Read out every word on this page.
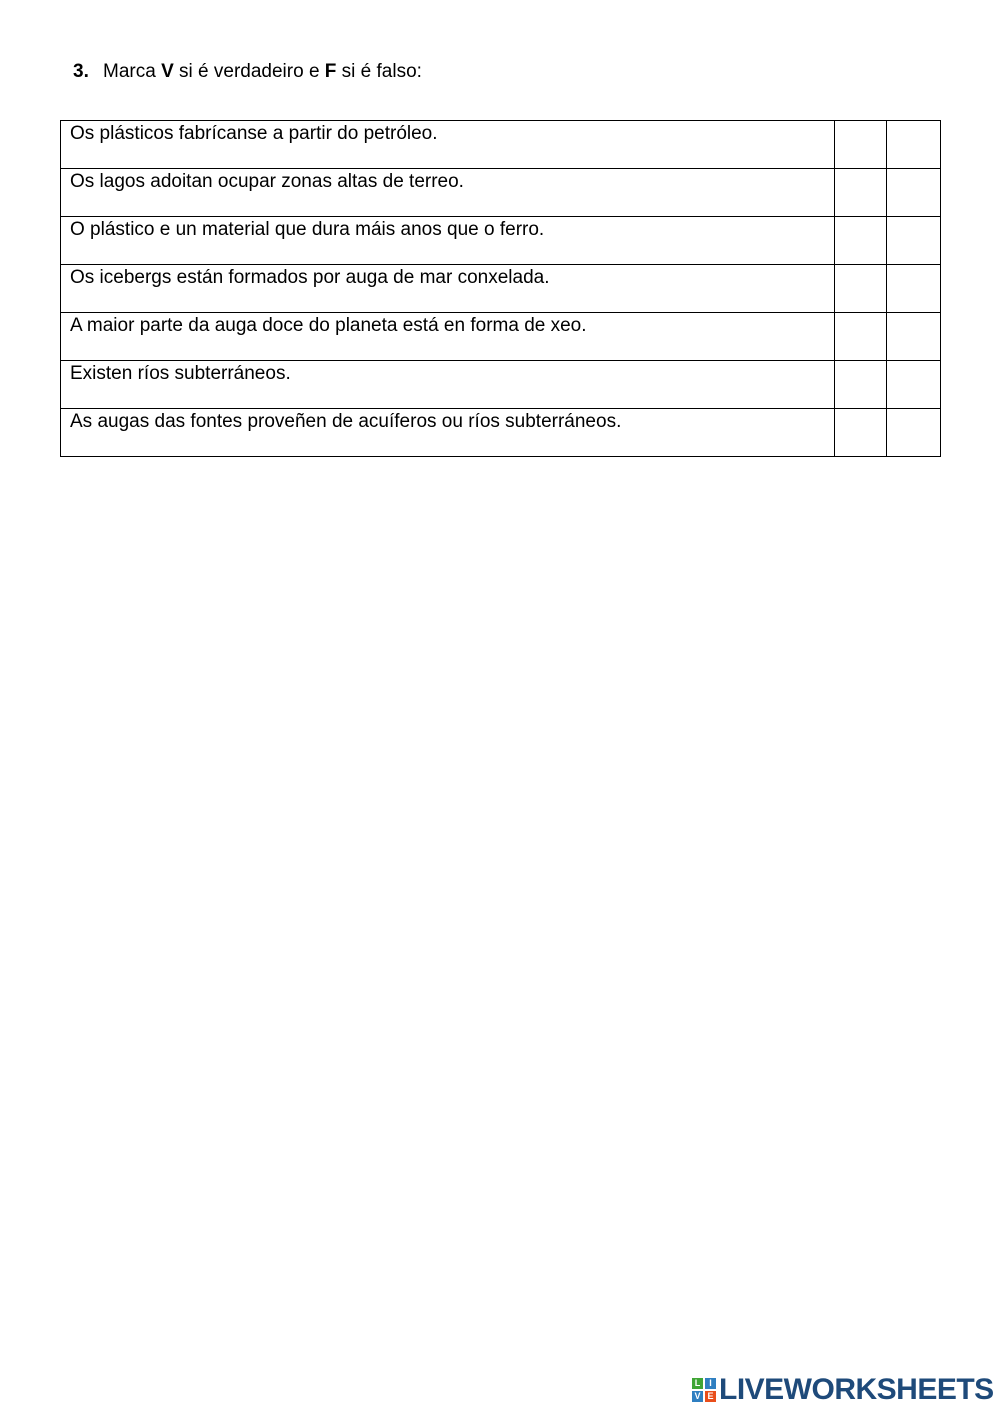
3. Marca V si é verdadeiro e F si é falso:
Os plásticos fabrícanse a partir do petróleo.		
Os lagos adoitan ocupar zonas altas de terreo.		
O plástico e un material que dura máis anos que o ferro.		
Os icebergs están formados por auga de mar conxelada.		
A maior parte da auga doce do planeta está en forma de xeo.		
Existen ríos subterráneos.		
As augas das fontes proveñen de acuíferos ou ríos subterráneos.		
L I
V E LIVEWORKSHEETS
